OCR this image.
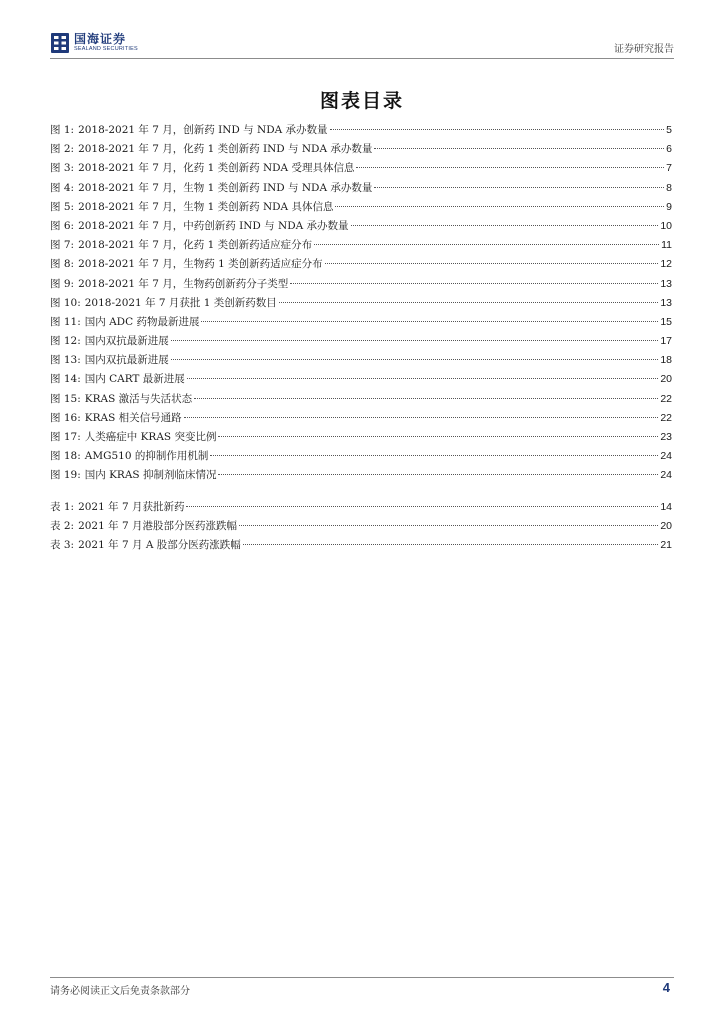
国海证券
SEALAND SECURITIES	证券研究报告
图表目录
图 1: 2018-2021 年 7 月，创新药 IND 与 NDA 承办数量	5
图 2: 2018-2021 年 7 月，化药 1 类创新药 IND 与 NDA 承办数量	6
图 3: 2018-2021 年 7 月，化药 1 类创新药 NDA 受理具体信息	7
图 4: 2018-2021 年 7 月，生物 1 类创新药 IND 与 NDA 承办数量	8
图 5: 2018-2021 年 7 月，生物 1 类创新药 NDA 具体信息	9
图 6: 2018-2021 年 7 月，中药创新药 IND 与 NDA 承办数量	10
图 7: 2018-2021 年 7 月，化药 1 类创新药适应症分布	11
图 8: 2018-2021 年 7 月，生物药 1 类创新药适应症分布	12
图 9: 2018-2021 年 7 月，生物药创新药分子类型	13
图 10: 2018-2021 年 7 月获批 1 类创新药数目	13
图 11: 国内 ADC 药物最新进展	15
图 12: 国内双抗最新进展	17
图 13: 国内双抗最新进展	18
图 14: 国内 CART 最新进展	20
图 15: KRAS 激活与失活状态	22
图 16: KRAS 相关信号通路	22
图 17: 人类癌症中 KRAS 突变比例	23
图 18: AMG510 的抑制作用机制	24
图 19: 国内 KRAS 抑制剂临床情况	24
表 1: 2021 年 7 月获批新药	14
表 2: 2021 年 7 月港股部分医药涨跌幅	20
表 3: 2021 年 7 月 A 股部分医药涨跌幅	21
请务必阅读正文后免责条款部分	4
